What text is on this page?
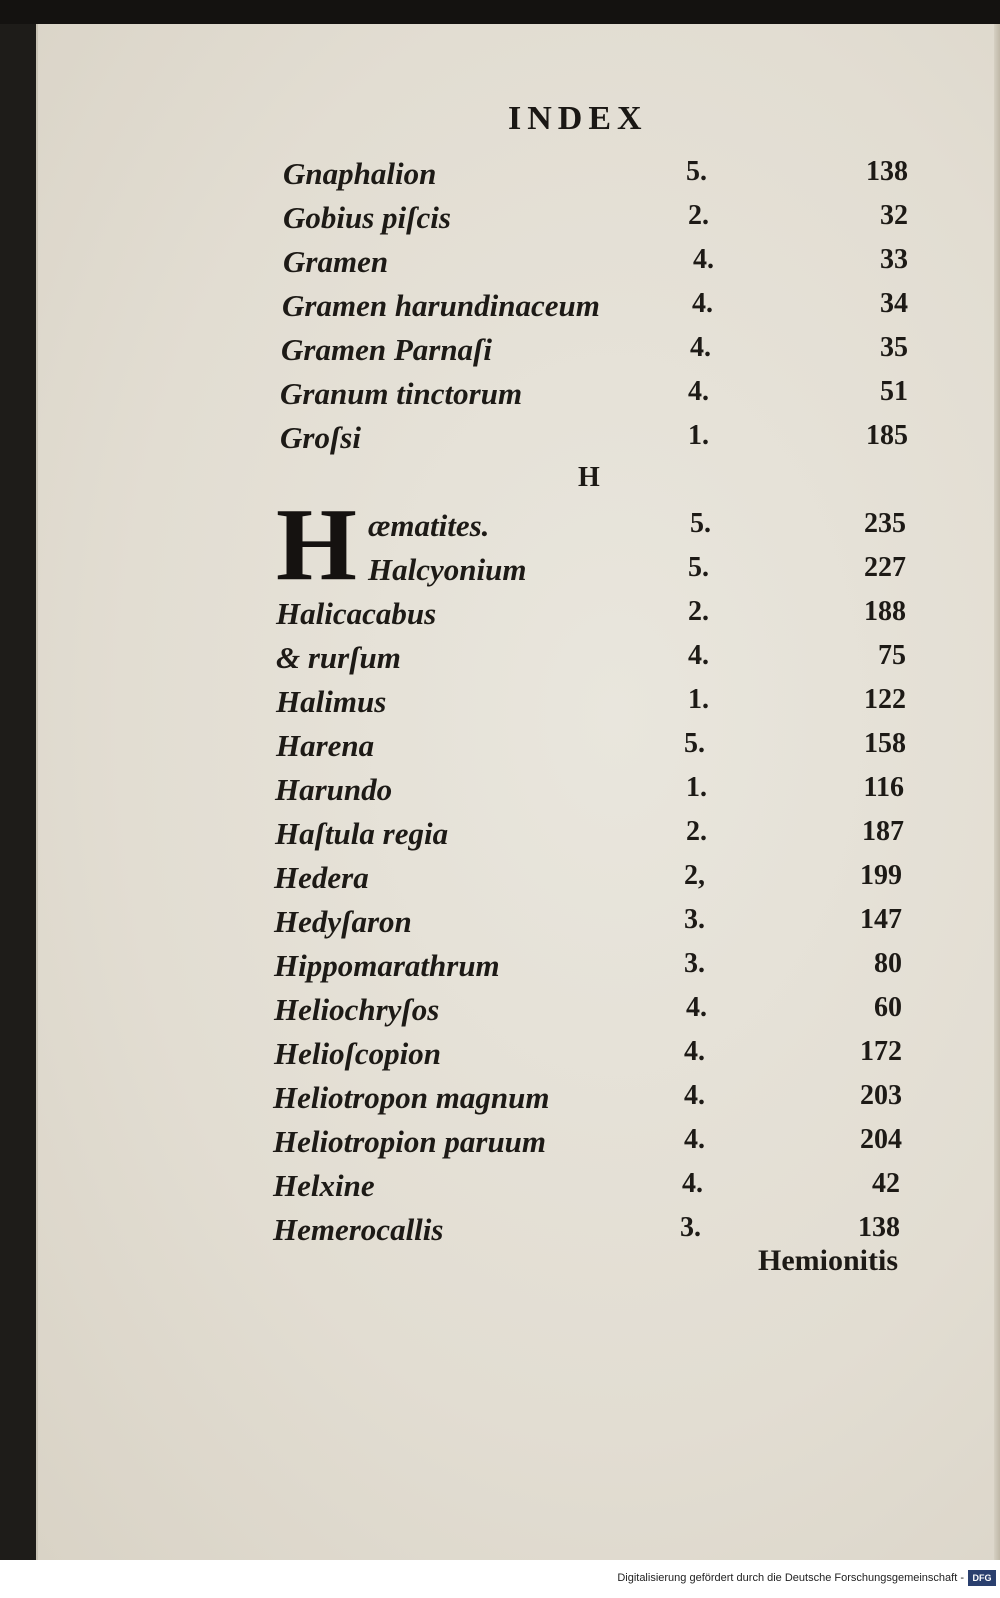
INDEX
Gnaphalion	5.	138
Gobius piſcis	2.	32
Gramen	4.	33
Gramen harundinaceum	4.	34
Gramen Parnaſi	4.	35
Granum tinctorum	4.	51
Groſsi	1.	185
H
H æmatites.	5.	235
Halcyonium	5.	227
Halicacabus	2.	188
& rurſum	4.	75
Halimus	1.	122
Harena	5.	158
Harundo	1.	116
Haſtula regia	2.	187
Hedera	2,	199
Hedyſaron	3.	147
Hippomarathrum	3.	80
Heliochryſos	4.	60
Helioſcopion	4.	172
Heliotropon magnum	4.	203
Heliotropion paruum	4.	204
Helxine	4.	42
Hemerocallis	3.	138
Hemionitis
Digitalisierung gefördert durch die Deutsche Forschungsgemeinschaft - DFG
